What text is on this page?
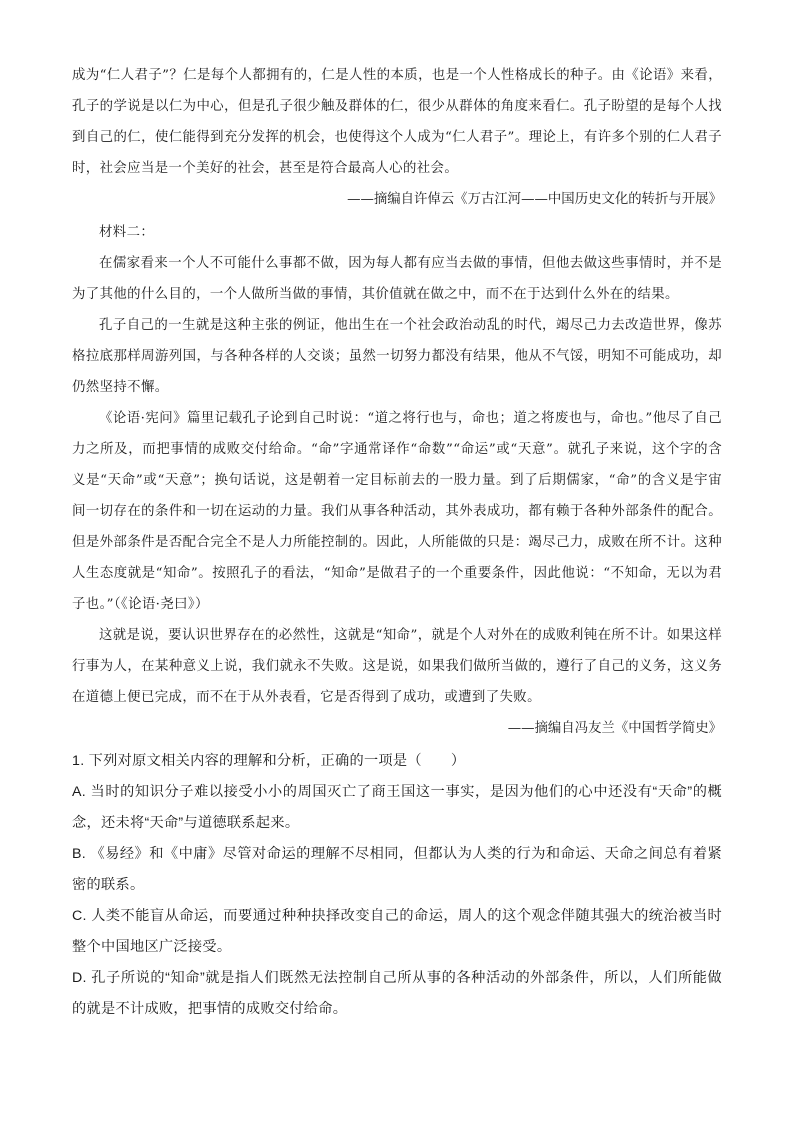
成为“仁人君子”？仁是每个人都拥有的，仁是人性的本质，也是一个人性格成长的种子。由《论语》来看，孔子的学说是以仁为中心，但是孔子很少触及群体的仁，很少从群体的角度来看仁。孔子盼望的是每个人找到自己的仁，使仁能得到充分发挥的机会，也使得这个人成为“仁人君子”。理论上，有许多个别的仁人君子时，社会应当是一个美好的社会，甚至是符合最高人心的社会。

——摘编自许倬云《万古江河——中国历史文化的转折与开展》

材料二：

在儒家看来一个人不可能什么事都不做，因为每人都有应当去做的事情，但他去做这些事情时，并不是为了其他的什么目的，一个人做所当做的事情，其价值就在做之中，而不在于达到什么外在的结果。

孔子自己的一生就是这种主张的例证，他出生在一个社会政治动乱的时代，竭尽己力去改造世界，像苏格拉底那样周游列国，与各种各样的人交谈；虽然一切努力都没有结果，他从不气馁，明知不可能成功，却仍然坚持不懈。

《论语·宪问》篇里记载孔子论到自己时说：“道之将行也与，命也；道之将废也与，命也。”他尽了自己力之所及，而把事情的成败交付给命。“命”字通常译作“命数”“命运”或“天意”。就孔子来说，这个字的含义是“天命”或“天意”；换句话说，这是朝着一定目标前去的一股力量。到了后期儒家，“命”的含义是宇宙间一切存在的条件和一切在运动的力量。我们从事各种活动，其外表成功，都有赖于各种外部条件的配合。但是外部条件是否配合完全不是人力所能控制的。因此，人所能做的只是：竭尽己力，成败在所不计。这种人生态度就是“知命”。按照孔子的看法，“知命”是做君子的一个重要条件，因此他说：“不知命，无以为君子也。”（《论语·尧曰》）

这就是说，要认识世界存在的必然性，这就是“知命”，就是个人对外在的成败利钝在所不计。如果这样行事为人，在某种意义上说，我们就永不失败。这是说，如果我们做所当做的，遵行了自己的义务，这义务在道德上便已完成，而不在于从外表看，它是否得到了成功，或遭到了失败。

——摘编自冯友兰《中国哲学简史》

1. 下列对原文相关内容的理解和分析，正确的一项是（　　）

A. 当时的知识分子难以接受小小的周国灭亡了商王国这一事实，是因为他们的心中还没有“天命”的概念，还未将“天命”与道德联系起来。

B. 《易经》和《中庸》尽管对命运的理解不尽相同，但都认为人类的行为和命运、天命之间总有着紧密的联系。

C. 人类不能盲从命运，而要通过种种抉择改变自己的命运，周人的这个观念伴随其强大的统治被当时整个中国地区广泛接受。

D. 孔子所说的“知命”就是指人们既然无法控制自己所从事的各种活动的外部条件，所以，人们所能做的就是不计成败，把事情的成败交付给命。
